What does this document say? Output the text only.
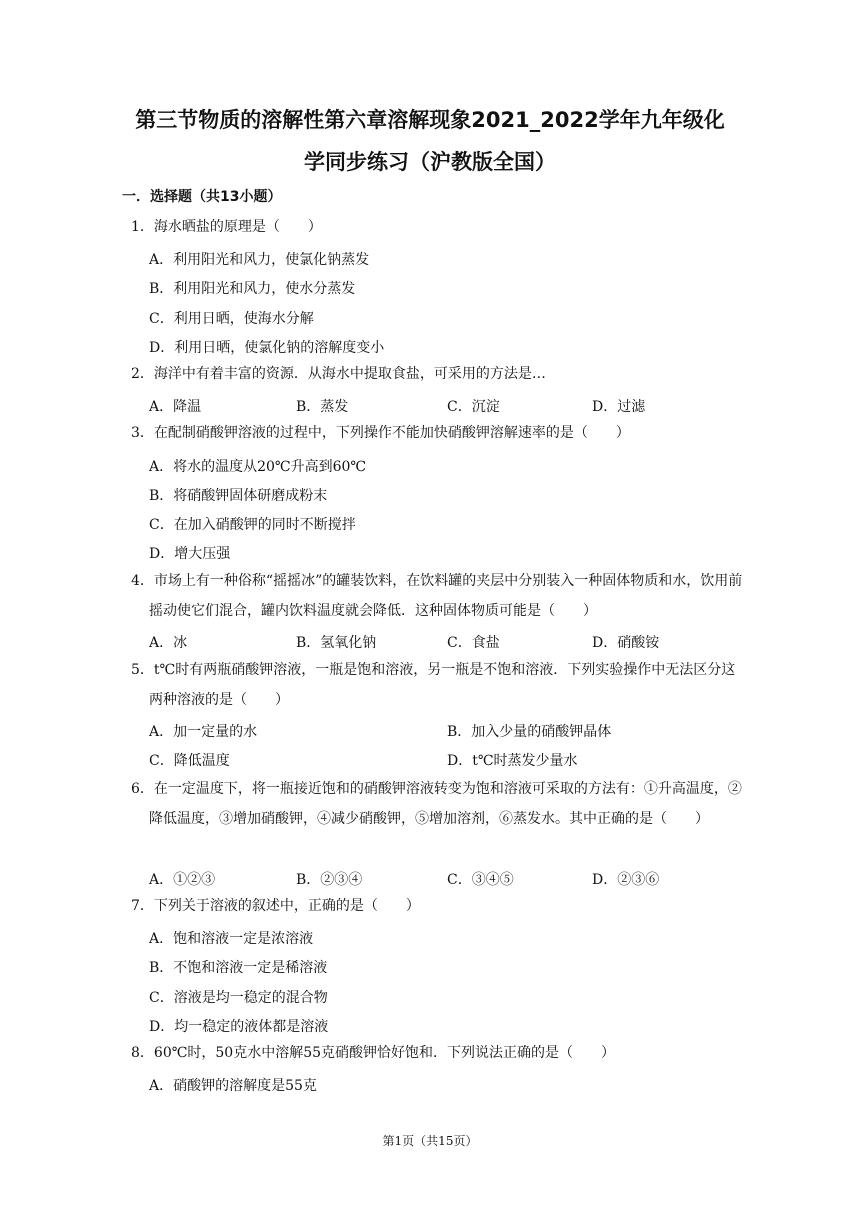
第三节物质的溶解性第六章溶解现象2021_2022学年九年级化
学同步练习（沪教版全国）
一．选择题（共13小题）
1．海水晒盐的原理是（　　）
A．利用阳光和风力，使氯化钠蒸发
B．利用阳光和风力，使水分蒸发
C．利用日晒，使海水分解
D．利用日晒，使氯化钠的溶解度变小
2．海洋中有着丰富的资源．从海水中提取食盐，可采用的方法是…
A．降温	B．蒸发	C．沉淀	D．过滤
3．在配制硝酸钾溶液的过程中，下列操作不能加快硝酸钾溶解速率的是（　　）
A．将水的温度从20℃升高到60℃
B．将硝酸钾固体研磨成粉末
C．在加入硝酸钾的同时不断搅拌
D．增大压强
4．市场上有一种俗称“摇摇冰”的罐装饮料，在饮料罐的夹层中分别装入一种固体物质和水，饮用前摇动使它们混合，罐内饮料温度就会降低．这种固体物质可能是（　　）
A．冰	B．氢氧化钠	C．食盐	D．硝酸铵
5．t℃时有两瓶硝酸钾溶液，一瓶是饱和溶液，另一瓶是不饱和溶液．下列实验操作中无法区分这两种溶液的是（　　）
A．加一定量的水	B．加入少量的硝酸钾晶体
C．降低温度	D．t℃时蒸发少量水
6．在一定温度下，将一瓶接近饱和的硝酸钾溶液转变为饱和溶液可采取的方法有：①升高温度，②降低温度，③增加硝酸钾，④减少硝酸钾，⑤增加溶剂，⑥蒸发水。其中正确的是（　　）
A．①②③	B．②③④	C．③④⑤	D．②③⑥
7．下列关于溶液的叙述中，正确的是（　　）
A．饱和溶液一定是浓溶液
B．不饱和溶液一定是稀溶液
C．溶液是均一稳定的混合物
D．均一稳定的液体都是溶液
8．60℃时，50克水中溶解55克硝酸钾恰好饱和．下列说法正确的是（　　）
A．硝酸钾的溶解度是55克
第1页（共15页）
